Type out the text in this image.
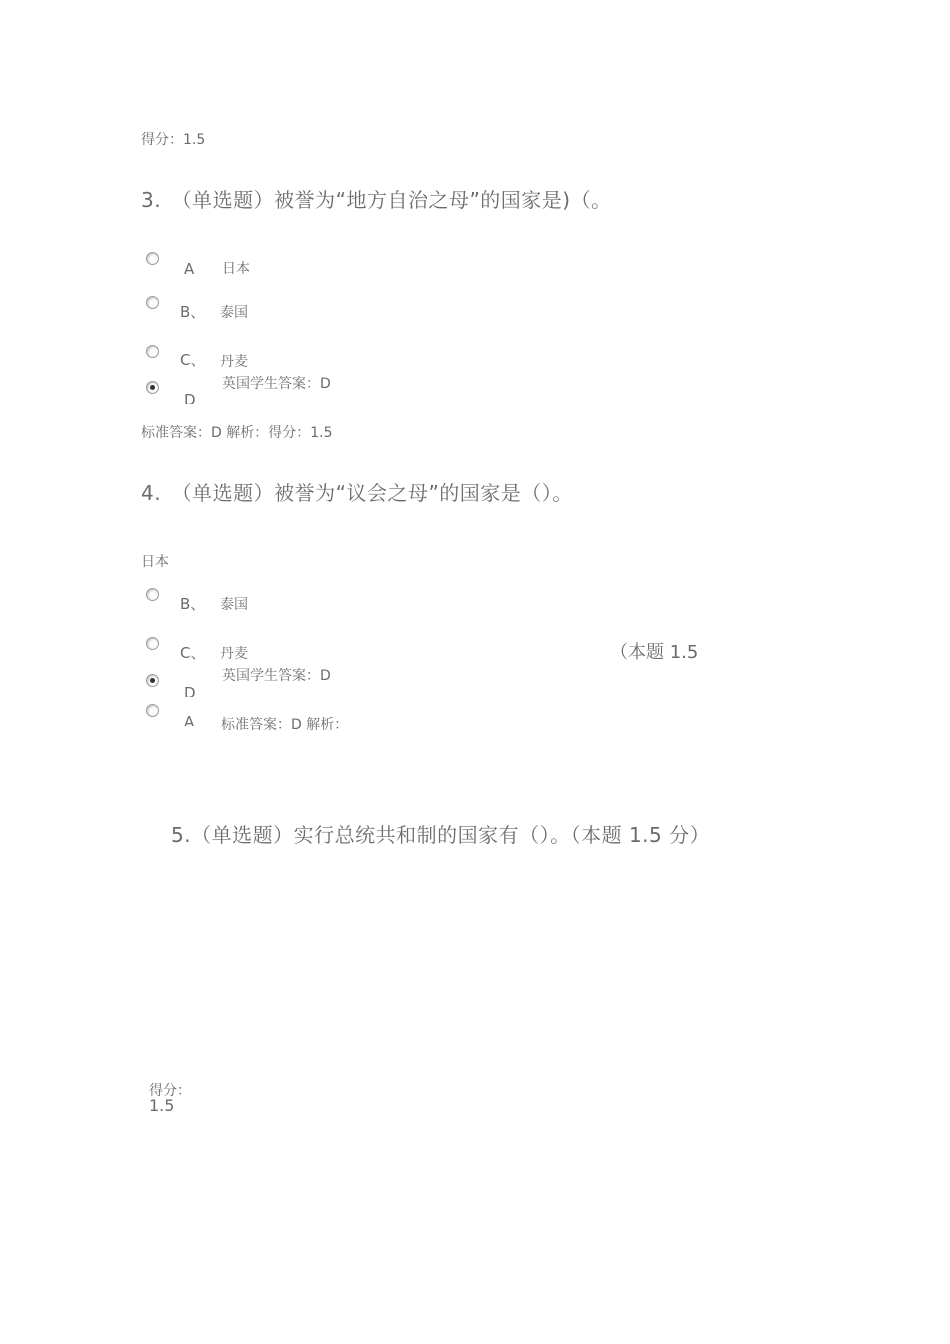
得分：1.5
3.　（单选题）被誉为“地方自治之母”的国家是)（。
A 日本
B、 泰国
C、 丹麦
D
英国 学生答案：D
标准答案：D 解析：得分：1.5
4.　（单选题）被誉为“议会之母”的国家是（）。
日本
B、 泰国
C、 丹麦	（本题 1.5
D
英国 学生答案：D
A 标准答案：D 解析：
5.（单选题）实行总统共和制的国家有（）。（本题 1.5 分）
得分：
1.5
